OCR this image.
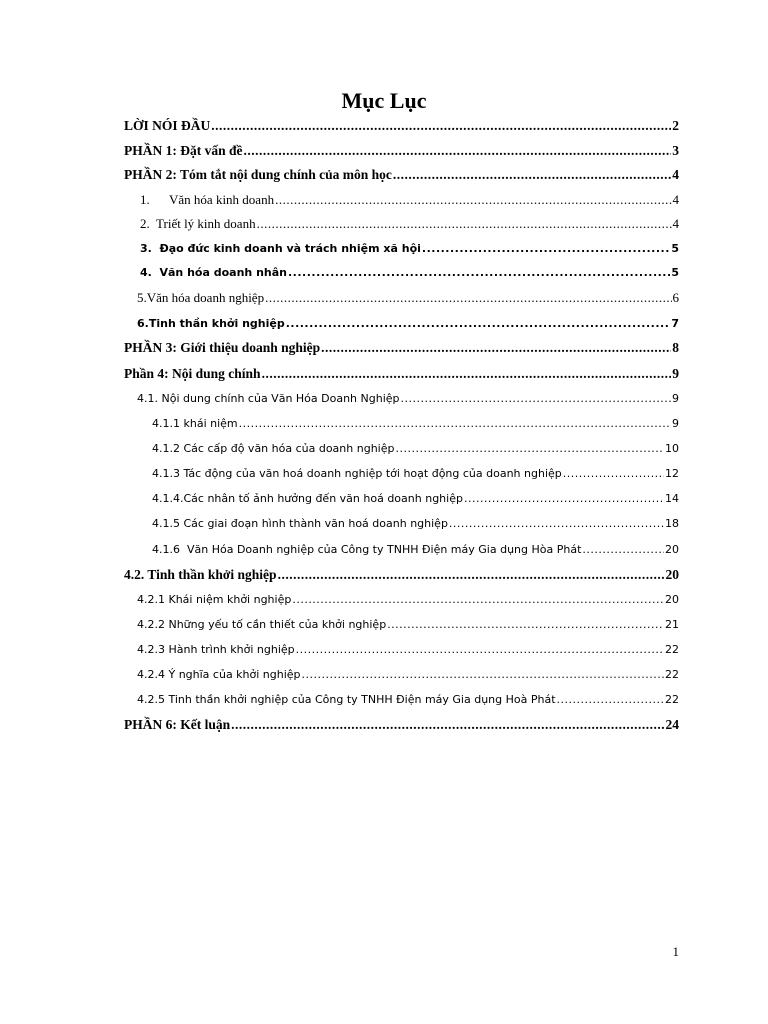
Mục Lục
LỜI NÓI ĐẦU .....	2
PHẦN 1: Đặt vấn đề .....	3
PHẦN 2: Tóm tắt nội dung chính của môn học .....	4
1.      Văn hóa kinh doanh .....	4
2.  Triết lý kinh doanh .....	4
3.  Đạo đức kinh doanh và trách nhiệm xã hội .....	5
4.  Văn hóa doanh nhân .....	5
5.Văn hóa doanh nghiệp .....	6
6.Tinh thần khởi nghiệp .....	7
PHẦN 3: Giới thiệu doanh nghiệp .....	8
Phần 4: Nội dung chính .....	9
4.1. Nội dung chính của Văn Hóa Doanh Nghiệp .....	9
4.1.1 khái niệm .....	9
4.1.2 Các cấp độ văn hóa của doanh nghiệp .....	10
4.1.3 Tác động của văn hoá doanh nghiệp tới hoạt động của doanh nghiệp .....	12
4.1.4.Các nhân tố ảnh hưởng đến văn hoá doanh nghiệp .....	14
4.1.5 Các giai đoạn hình thành văn hoá doanh nghiệp .....	18
4.1.6  Văn Hóa Doanh nghiệp của Công ty TNHH Điện máy Gia dụng Hòa Phát .....	20
4.2. Tinh thần khởi nghiệp .....	20
4.2.1 Khái niệm khởi nghiệp .....	20
4.2.2 Những yếu tố cần thiết của khởi nghiệp .....	21
4.2.3 Hành trình khởi nghiệp .....	22
4.2.4 Ý nghĩa của khởi nghiệp .....	22
4.2.5 Tinh thần khởi nghiệp của Công ty TNHH Điện máy Gia dụng Hoà Phát .....	22
PHẦN 6: Kết luận .....	24
1
